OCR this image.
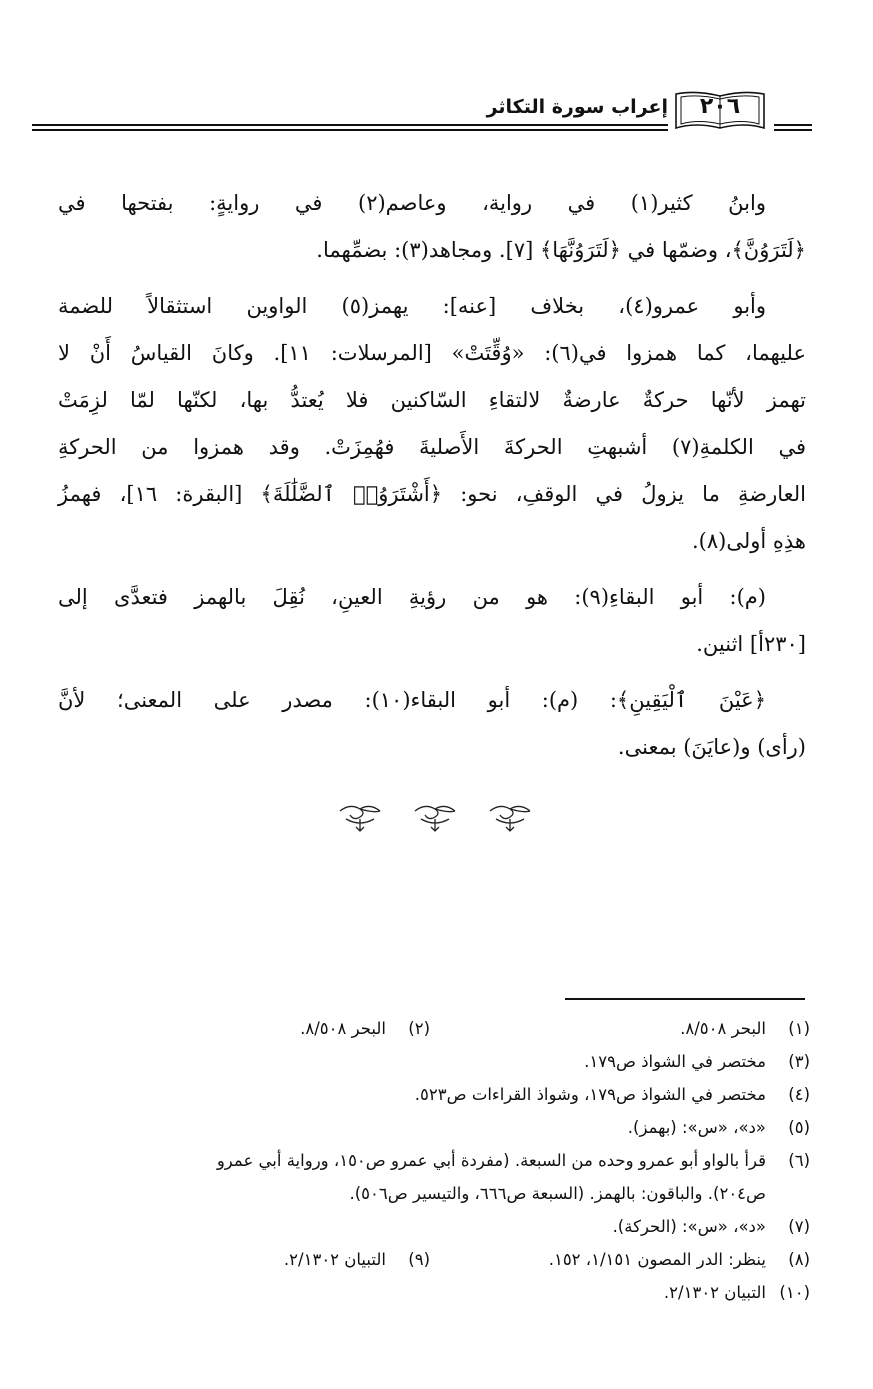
إعراب سورة التكاثر	٢٠٦

وابنُ كثير(١) في رواية، وعاصم(٢) في روايةٍ: بفتحها في
﴿لَتَرَوُنَّ﴾، وضمّها في ﴿لَتَرَوُنَّهَا﴾ [٧]. ومجاهد(٣): بضمِّهما.

وأبو عمرو(٤)، بخلاف [عنه]: يهمز(٥) الواوين استثقالاً للضمة
عليهما، كما همزوا في(٦): «وُقِّتَتْ» [المرسلات: ١١]. وكانَ القياسُ أَنْ لا
تهمز لأنّها حركةٌ عارضةٌ لالتقاءِ السّاكنين فلا يُعتدُّ بها، لكنّها لمّا لزِمَتْ
في الكلمةِ(٧) أشبهتِ الحركةَ الأَصليةَ فهُمِزَتْ. وقد همزوا من الحركةِ
العارضةِ ما يزولُ في الوقفِ، نحو: ﴿أَشْتَرَوُا۟ ٱلضَّلَٰلَةَ﴾ [البقرة: ١٦]، فهمزُ
هذِهِ أولى(٨).

(م): أبو البقاءِ(٩): هو من رؤيةِ العينِ، نُقِلَ بالهمز فتعدَّى إلى
[٢٣٠أ] اثنين.

﴿عَيْنَ ٱلْيَقِينِ﴾: (م): أبو البقاء(١٠): مصدر على المعنى؛ لأنَّ
(رأى) و(عايَنَ) بمعنى.

(١)
البحر ٨/٥٠٨.
(٢)
البحر ٨/٥٠٨.
(٣)
مختصر في الشواذ ص١٧٩.
(٤)
مختصر في الشواذ ص١٧٩، وشواذ القراءات ص٥٢٣.
(٥)
«د»، «س»: (بهمز).
(٦)
قرأ بالواو أبو عمرو وحده من السبعة. (مفردة أبي عمرو ص١٥٠، ورواية أبي عمرو
ص٢٠٤). والباقون: بالهمز. (السبعة ص٦٦٦، والتيسير ص٥٠٦).
(٧)
«د»، «س»: (الحركة).
(٨)
ينظر: الدر المصون ١/١٥١، ١٥٢.
(٩)
التبيان ٢/١٣٠٢.
(١٠)
التبيان ٢/١٣٠٢.
